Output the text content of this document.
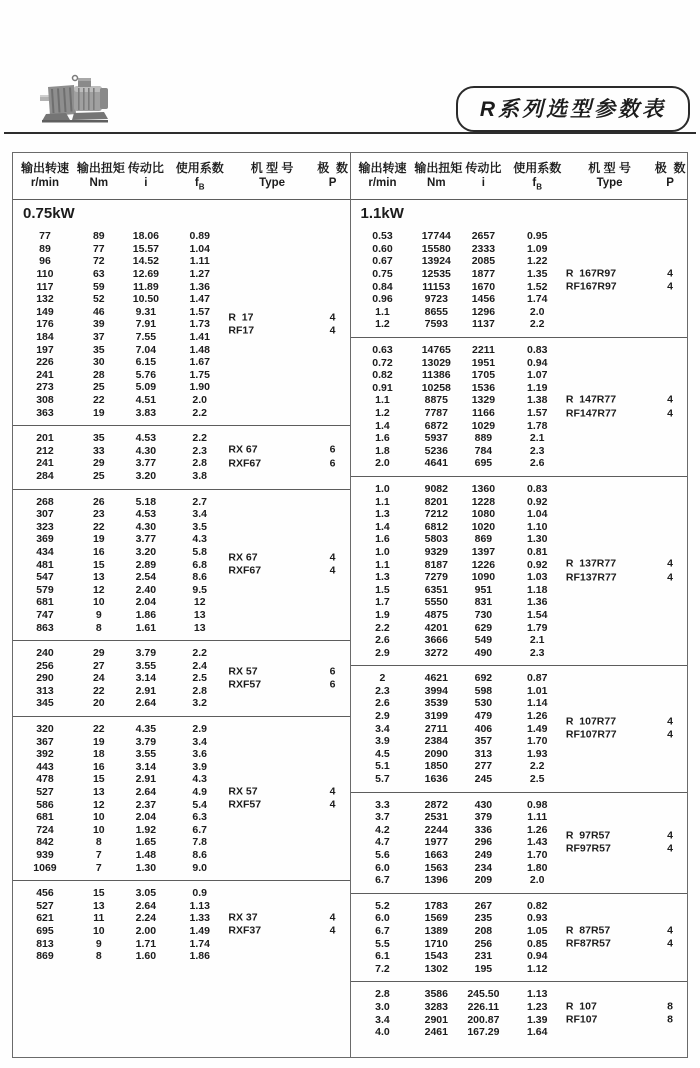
R系列选型参数表
输出转速
r/min
输出扭矩
Nm
传动比
i
使用系数
$f_B$
机 型 号
Type
极  数
P
0.75kW
77	89	18.06	0.89
89	77	15.57	1.04
96	72	14.52	1.11
110	63	12.69	1.27
117	59	11.89	1.36
132	52	10.50	1.47
149	46	9.31	1.57
176	39	7.91	1.73
184	37	7.55	1.41
197	35	7.04	1.48
226	30	6.15	1.67
241	28	5.76	1.75
273	25	5.09	1.90
308	22	4.51	2.0
363	19	3.83	2.2
R  17	4
RF17	4
201	35	4.53	2.2
212	33	4.30	2.3
241	29	3.77	2.8
284	25	3.20	3.8
RX 67	6
RXF67	6
268	26	5.18	2.7
307	23	4.53	3.4
323	22	4.30	3.5
369	19	3.77	4.3
434	16	3.20	5.8
481	15	2.89	6.8
547	13	2.54	8.6
579	12	2.40	9.5
681	10	2.04	12
747	9	1.86	13
863	8	1.61	13
RX 67	4
RXF67	4
240	29	3.79	2.2
256	27	3.55	2.4
290	24	3.14	2.5
313	22	2.91	2.8
345	20	2.64	3.2
RX 57	6
RXF57	6
320	22	4.35	2.9
367	19	3.79	3.4
392	18	3.55	3.6
443	16	3.14	3.9
478	15	2.91	4.3
527	13	2.64	4.9
586	12	2.37	5.4
681	10	2.04	6.3
724	10	1.92	6.7
842	8	1.65	7.8
939	7	1.48	8.6
1069	7	1.30	9.0
RX 57	4
RXF57	4
456	15	3.05	0.9
527	13	2.64	1.13
621	11	2.24	1.33
695	10	2.00	1.49
813	9	1.71	1.74
869	8	1.60	1.86
RX 37	4
RXF37	4
输出转速
r/min
输出扭矩
Nm
传动比
i
使用系数
$f_B$
机 型 号
Type
极  数
P
1.1kW
0.53	17744	2657	0.95
0.60	15580	2333	1.09
0.67	13924	2085	1.22
0.75	12535	1877	1.35
0.84	11153	1670	1.52
0.96	9723	1456	1.74
1.1	8655	1296	2.0
1.2	7593	1137	2.2
R  167R97	4
RF167R97	4
0.63	14765	2211	0.83
0.72	13029	1951	0.94
0.82	11386	1705	1.07
0.91	10258	1536	1.19
1.1	8875	1329	1.38
1.2	7787	1166	1.57
1.4	6872	1029	1.78
1.6	5937	889	2.1
1.8	5236	784	2.3
2.0	4641	695	2.6
R  147R77	4
RF147R77	4
1.0	9082	1360	0.83
1.1	8201	1228	0.92
1.3	7212	1080	1.04
1.4	6812	1020	1.10
1.6	5803	869	1.30
1.0	9329	1397	0.81
1.1	8187	1226	0.92
1.3	7279	1090	1.03
1.5	6351	951	1.18
1.7	5550	831	1.36
1.9	4875	730	1.54
2.2	4201	629	1.79
2.6	3666	549	2.1
2.9	3272	490	2.3
R  137R77	4
RF137R77	4
2	4621	692	0.87
2.3	3994	598	1.01
2.6	3539	530	1.14
2.9	3199	479	1.26
3.4	2711	406	1.49
3.9	2384	357	1.70
4.5	2090	313	1.93
5.1	1850	277	2.2
5.7	1636	245	2.5
R  107R77	4
RF107R77	4
3.3	2872	430	0.98
3.7	2531	379	1.11
4.2	2244	336	1.26
4.7	1977	296	1.43
5.6	1663	249	1.70
6.0	1563	234	1.80
6.7	1396	209	2.0
R  97R57	4
RF97R57	4
5.2	1783	267	0.82
6.0	1569	235	0.93
6.7	1389	208	1.05
5.5	1710	256	0.85
6.1	1543	231	0.94
7.2	1302	195	1.12
R  87R57	4
RF87R57	4
2.8	3586	245.50	1.13
3.0	3283	226.11	1.23
3.4	2901	200.87	1.39
4.0	2461	167.29	1.64
R  107	8
RF107	8
